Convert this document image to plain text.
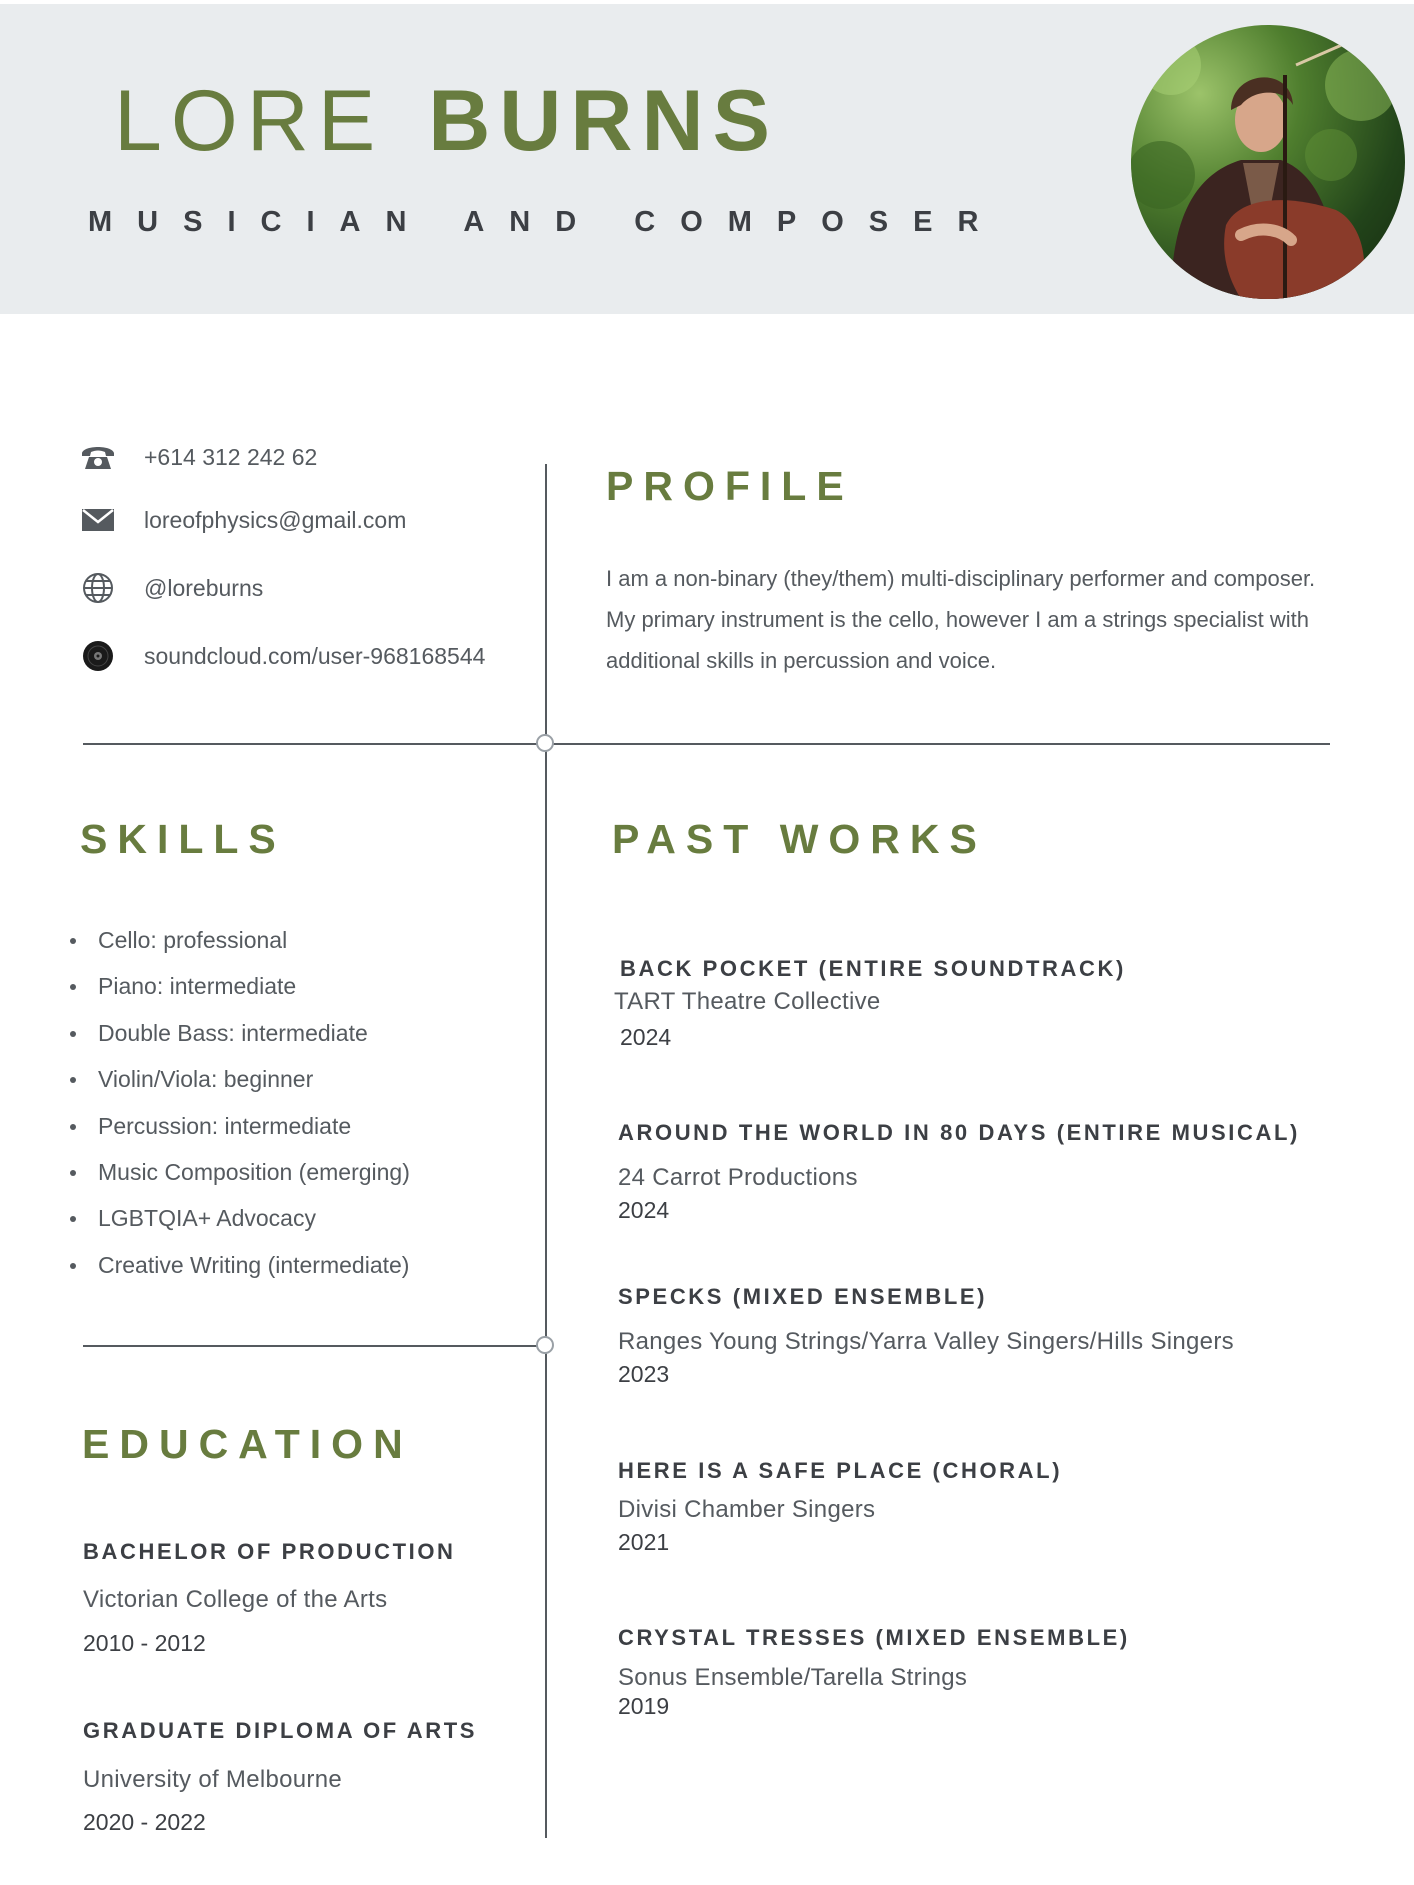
LORE BURNS
MUSICIAN AND COMPOSER
+614 312 242 62
loreofphysics@gmail.com
@loreburns
soundcloud.com/user-968168544
PROFILE
I am a non-binary (they/them) multi-disciplinary performer and composer. My primary instrument is the cello, however I am a strings specialist with additional skills in percussion and voice.
SKILLS
Cello: professional
Piano: intermediate
Double Bass: intermediate
Violin/Viola: beginner
Percussion: intermediate
Music Composition (emerging)
LGBTQIA+ Advocacy
Creative Writing (intermediate)
EDUCATION
BACHELOR OF PRODUCTION
Victorian College of the Arts
2010 - 2012
GRADUATE DIPLOMA OF ARTS
University of Melbourne
2020 - 2022
PAST WORKS
BACK POCKET (ENTIRE SOUNDTRACK)
TART Theatre Collective
2024
AROUND THE WORLD IN 80 DAYS (ENTIRE MUSICAL)
24 Carrot Productions
2024
SPECKS (MIXED ENSEMBLE)
Ranges Young Strings/Yarra Valley Singers/Hills Singers
2023
HERE IS A SAFE PLACE (CHORAL)
Divisi Chamber Singers
2021
CRYSTAL TRESSES (MIXED ENSEMBLE)
Sonus Ensemble/Tarella Strings
2019
